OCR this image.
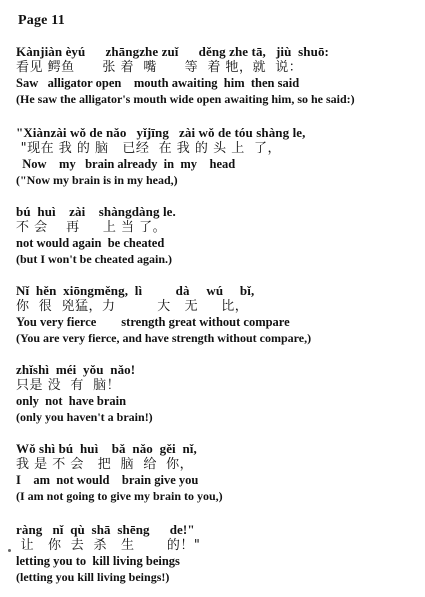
Page 11
Kànjiàn èyú      zhāngzhe zuǐ      děng zhe tā,   jiù  shuō:
看见 鳄鱼      张 着  嘴      等  着 牠，就  说：
Saw   alligator open    mouth awaiting  him  then said
(He saw the alligator's mouth wide open awaiting him, so he said:)
"Xiànzài wǒ de nǎo   yǐjīng   zài wǒ de tóu shàng le,
"现在 我 的 脑   已经  在 我 的 头 上  了，
Now    my   brain already  in  my    head
("Now my brain is in my head,)
bú  huì    zài    shàngdàng le.
不 会    再     上 当 了。
not would again  be cheated
(but I won't be cheated again.)
Nǐ  hěn  xiōngměng,  lì          dà     wú     bǐ,
你  很  兇猛，力         大   无     比，
You very fierce        strength great without compare
(You are very fierce, and have strength without compare,)
zhǐshì  méi  yǒu  nǎo!
只是 没  有  脑！
only  not  have brain
(only you haven't a brain!)
Wǒ shì bú  huì    bǎ  nǎo  gěi  nǐ,
我 是 不 会   把  脑  给  你，
I    am  not would    brain give you
(I am not going to give my brain to you,)
ràng   nǐ  qù  shā  shēng      de!"
让   你  去  杀   生       的！"
letting you to  kill living beings
(letting you kill living beings!)
